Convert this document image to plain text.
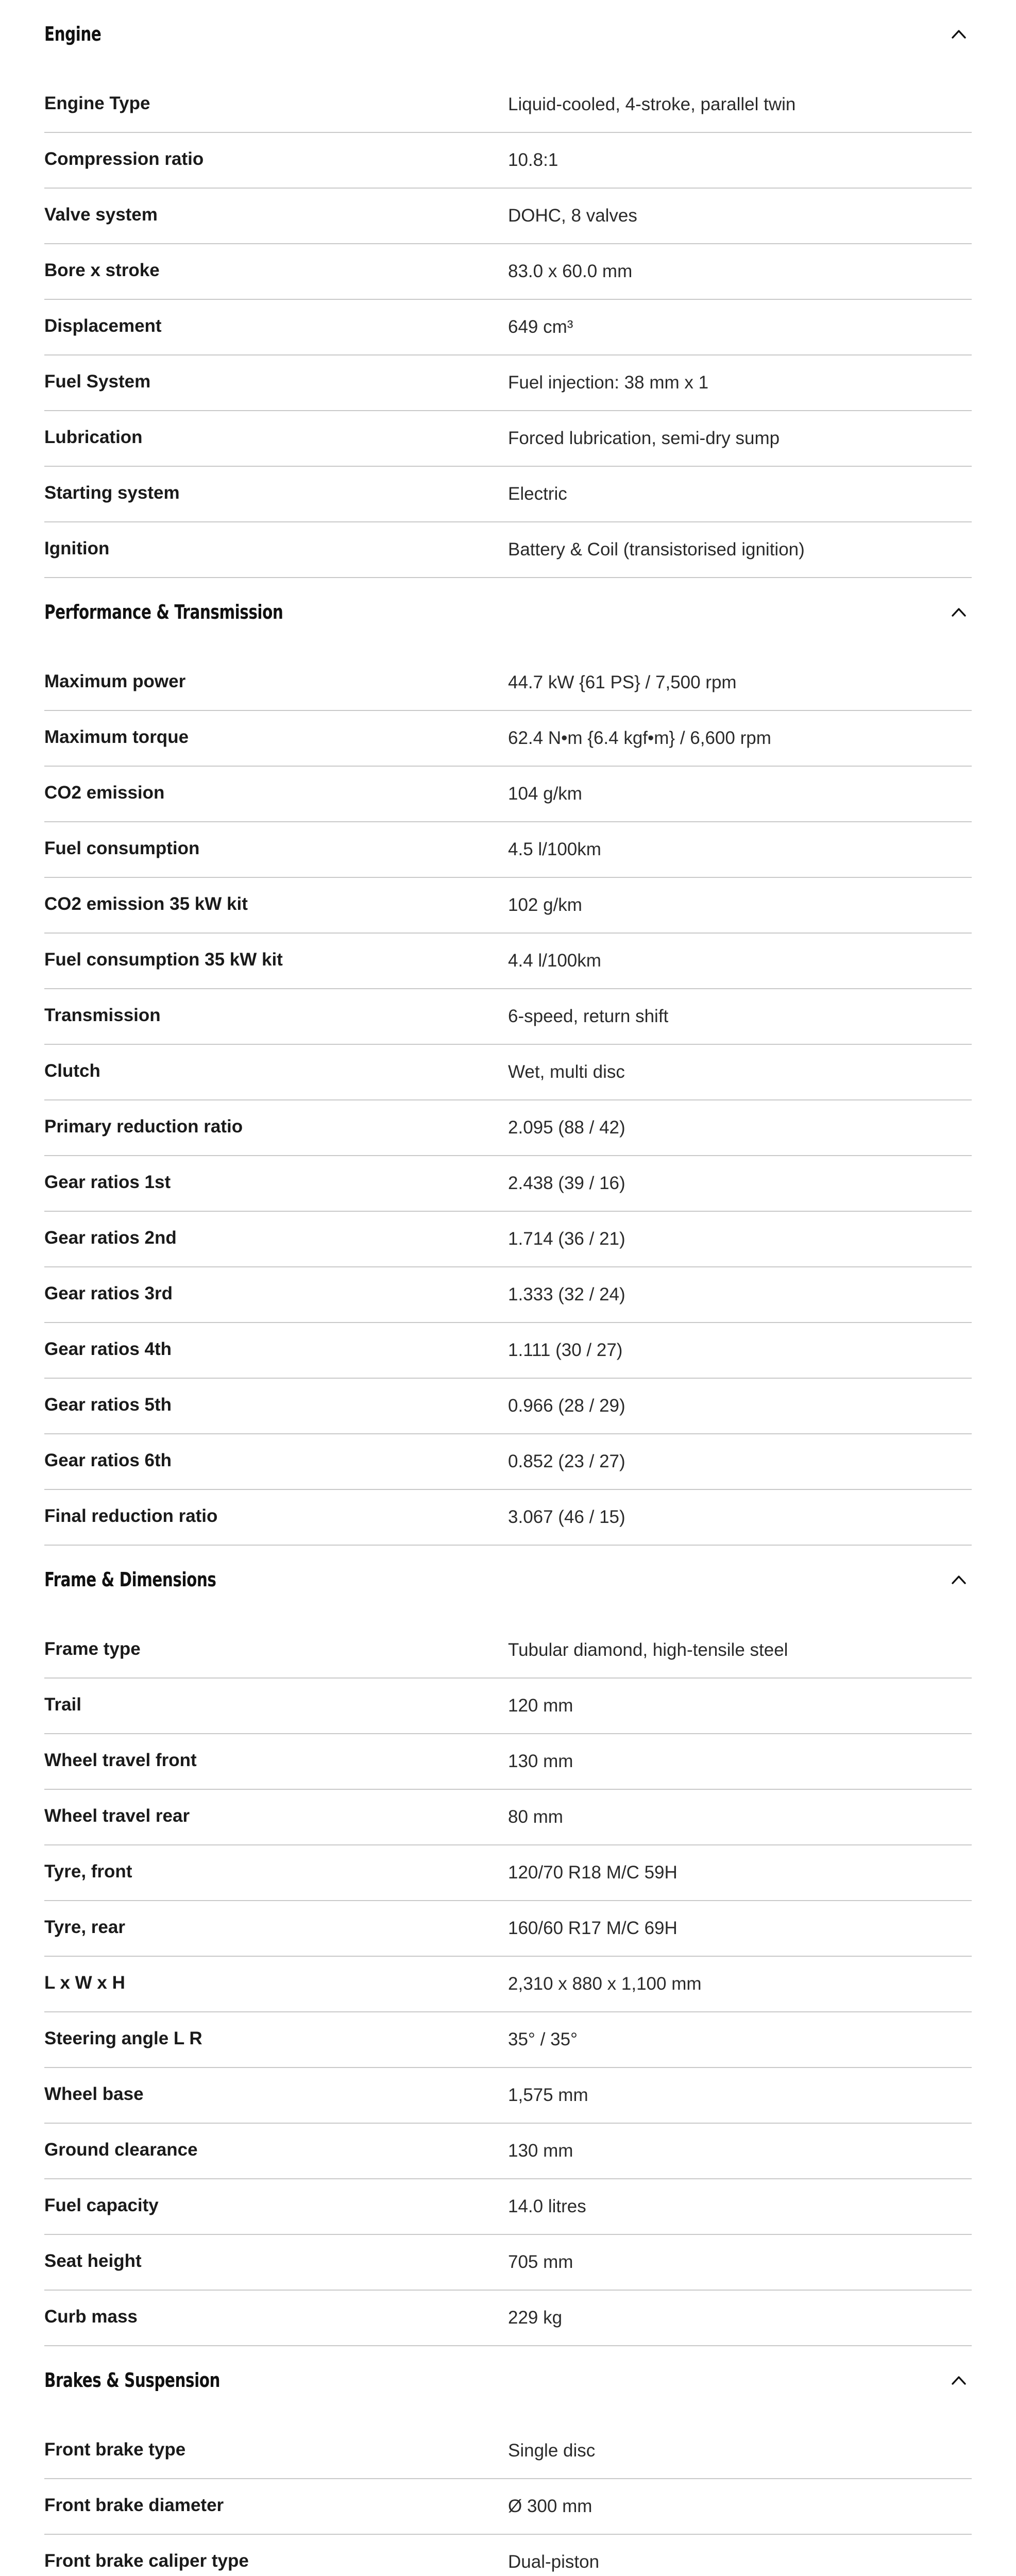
Engine
Engine Type	Liquid-cooled, 4-stroke, parallel twin
Compression ratio	10.8:1
Valve system	DOHC, 8 valves
Bore x stroke	83.0 x 60.0 mm
Displacement	649 cm³
Fuel System	Fuel injection: 38 mm x 1
Lubrication	Forced lubrication, semi-dry sump
Starting system	Electric
Ignition	Battery & Coil (transistorised ignition)
Performance & Transmission
Maximum power	44.7 kW {61 PS} / 7,500 rpm
Maximum torque	62.4 N•m {6.4 kgf•m} / 6,600 rpm
CO2 emission	104 g/km
Fuel consumption	4.5 l/100km
CO2 emission 35 kW kit	102 g/km
Fuel consumption 35 kW kit	4.4 l/100km
Transmission	6-speed, return shift
Clutch	Wet, multi disc
Primary reduction ratio	2.095 (88 / 42)
Gear ratios 1st	2.438 (39 / 16)
Gear ratios 2nd	1.714 (36 / 21)
Gear ratios 3rd	1.333 (32 / 24)
Gear ratios 4th	1.111 (30 / 27)
Gear ratios 5th	0.966 (28 / 29)
Gear ratios 6th	0.852 (23 / 27)
Final reduction ratio	3.067 (46 / 15)
Frame & Dimensions
Frame type	Tubular diamond, high-tensile steel
Trail	120 mm
Wheel travel front	130 mm
Wheel travel rear	80 mm
Tyre, front	120/70 R18 M/C 59H
Tyre, rear	160/60 R17 M/C 69H
L x W x H	2,310 x 880 x 1,100 mm
Steering angle L R	35° / 35°
Wheel base	1,575 mm
Ground clearance	130 mm
Fuel capacity	14.0 litres
Seat height	705 mm
Curb mass	229 kg
Brakes & Suspension
Front brake type	Single disc
Front brake diameter	Ø 300 mm
Front brake caliper type	Dual-piston
